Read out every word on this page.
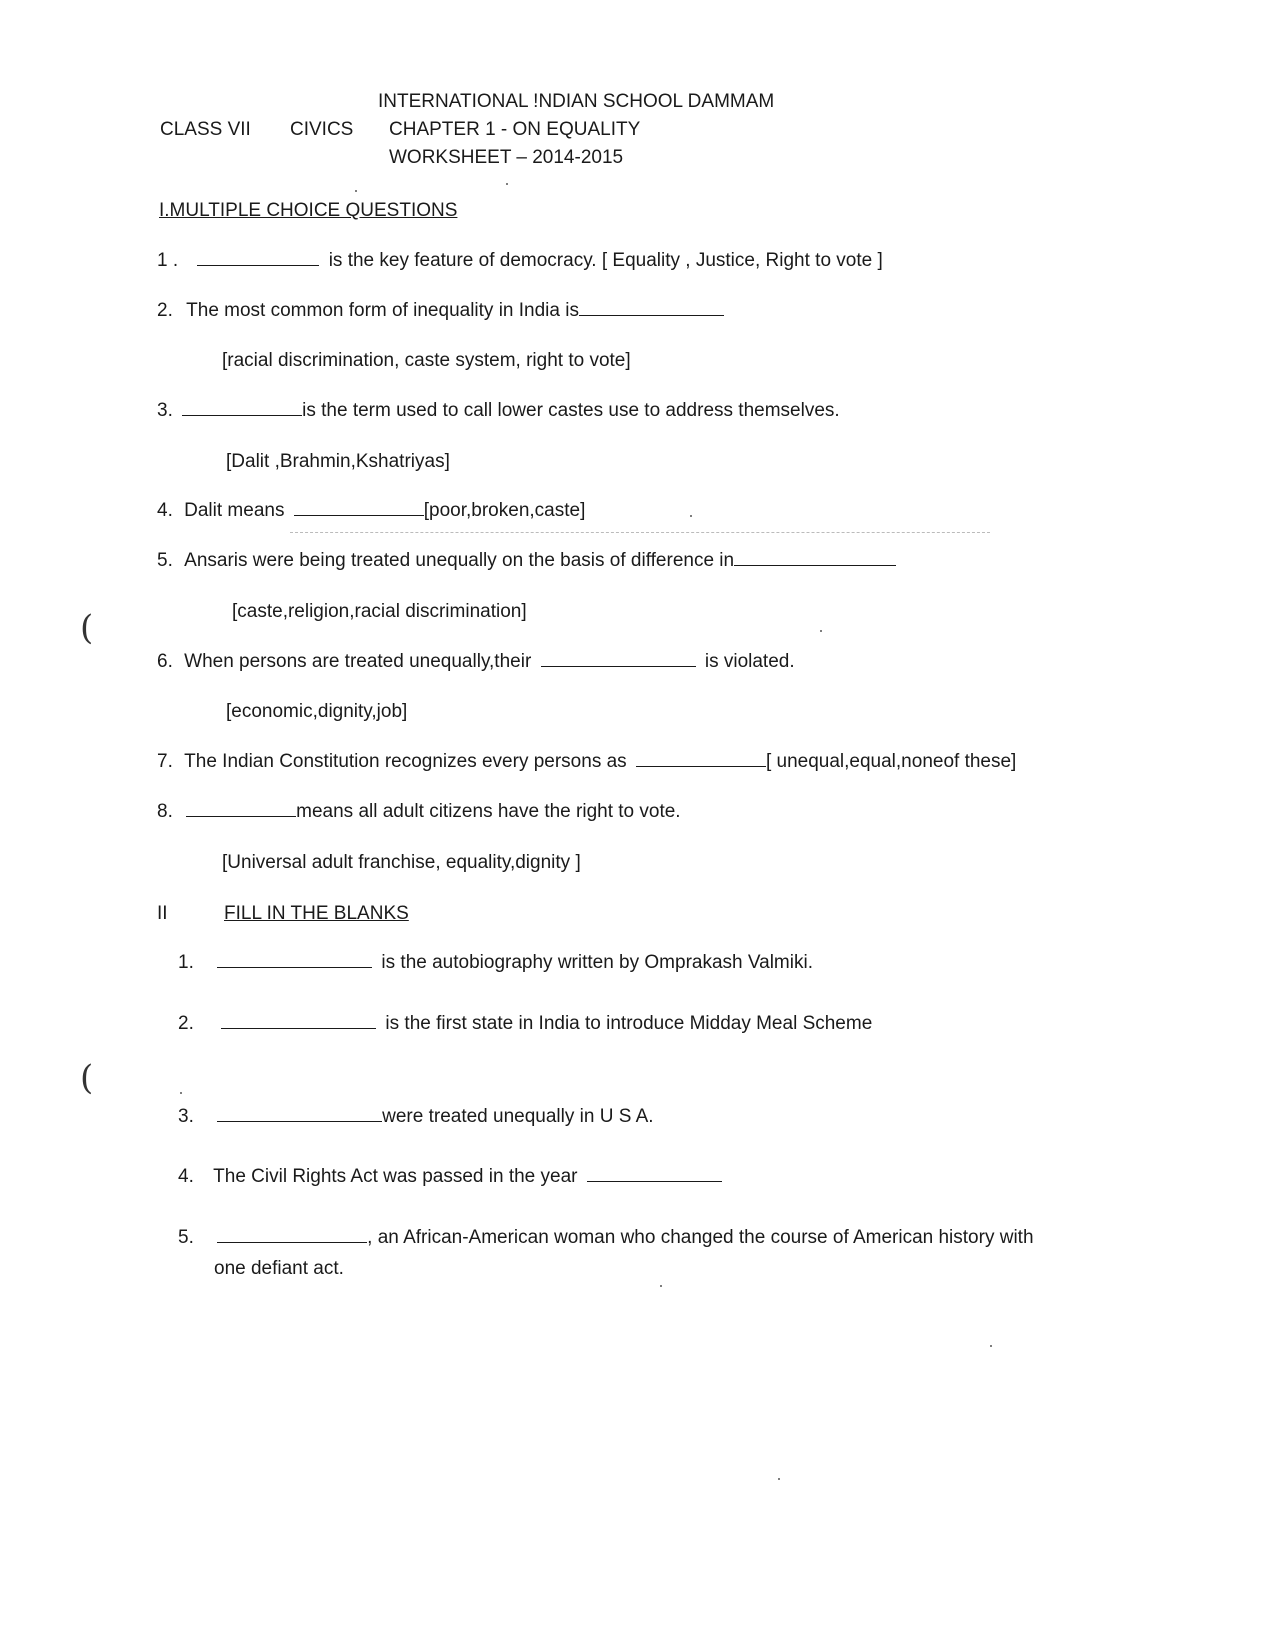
INTERNATIONAL !NDIAN SCHOOL DAMMAM
CLASS VII CIVICS CHAPTER 1 - ON EQUALITY
WORKSHEET – 2014-2015
I.MULTIPLE CHOICE QUESTIONS
1 .	is the key feature of democracy. [ Equality , Justice, Right to vote ]
2. The most common form of inequality in India is
[racial discrimination, caste system, right to vote]
3.	is the term used to call lower castes use to address themselves.
[Dalit ,Brahmin,Kshatriyas]
4. Dalit means	[poor,broken,caste]
5. Ansaris were being treated unequally on the basis of difference in
[caste,religion,racial discrimination]
6. When persons are treated unequally,their	is violated.
[economic,dignity,job]
7. The Indian Constitution recognizes every persons as	[ unequal,equal,noneof these]
8.	means all adult citizens have the right to vote.
[Universal adult franchise, equality,dignity ]
II	FILL IN THE BLANKS
1.	is the autobiography written by Omprakash Valmiki.
2.	is the first state in India to introduce Midday Meal Scheme
3.	were treated unequally in U S A.
4. The Civil Rights Act was passed in the year
5.	, an African-American woman who changed the course of American history with
one defiant act.
(
(
